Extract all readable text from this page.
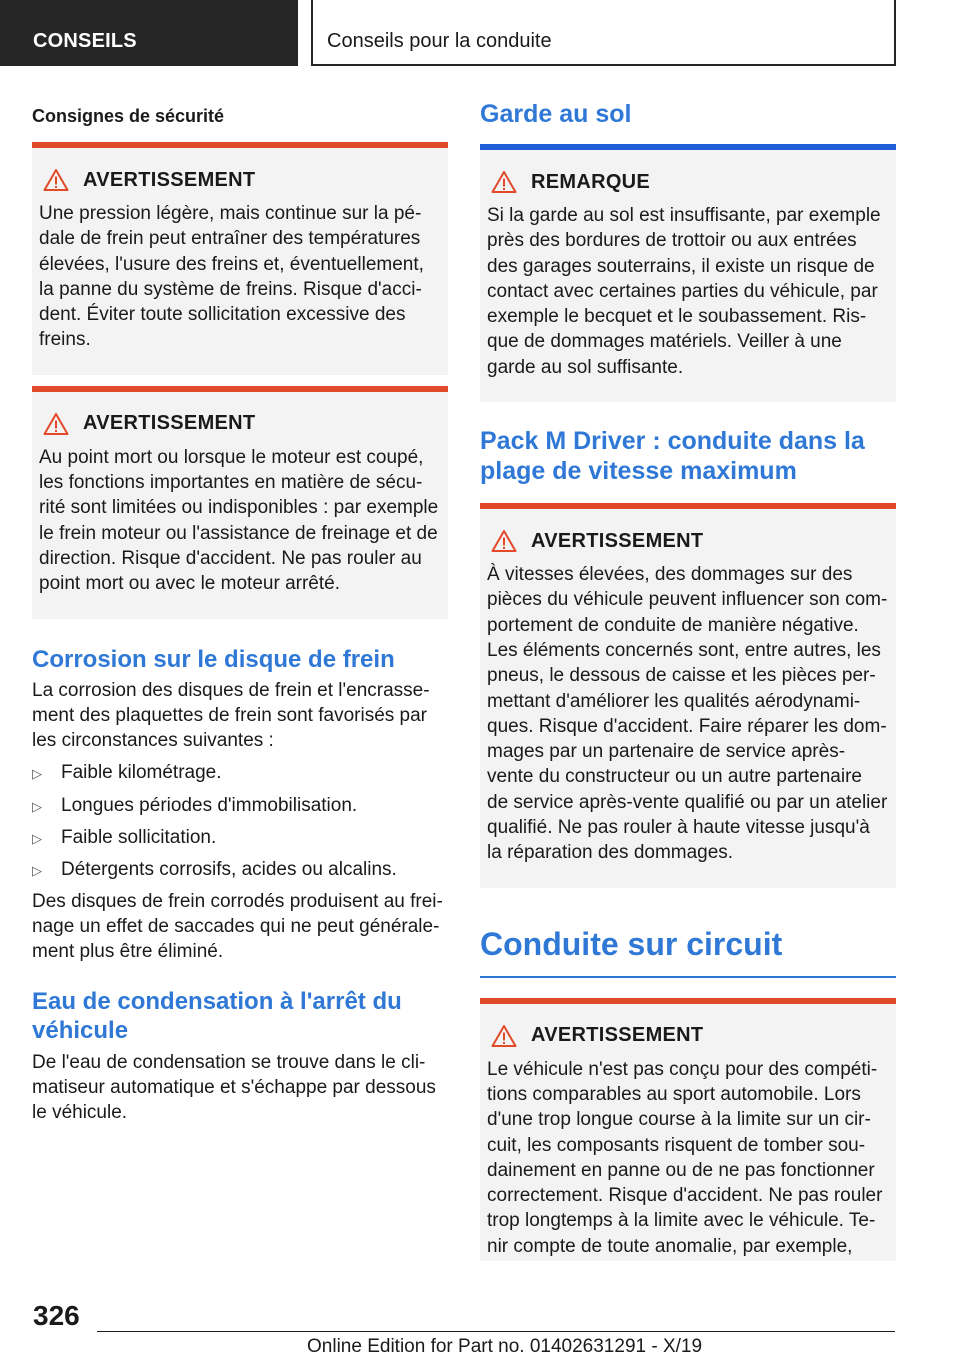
CONSEILS	Conseils pour la conduite
Consignes de sécurité
AVERTISSEMENT
Une pression légère, mais continue sur la pédale de frein peut entraîner des températures élevées, l'usure des freins et, éventuellement, la panne du système de freins. Risque d'accident. Éviter toute sollicitation excessive des freins.
AVERTISSEMENT
Au point mort ou lorsque le moteur est coupé, les fonctions importantes en matière de sécurité sont limitées ou indisponibles : par exemple le frein moteur ou l'assistance de freinage et de direction. Risque d'accident. Ne pas rouler au point mort ou avec le moteur arrêté.
Corrosion sur le disque de frein
La corrosion des disques de frein et l'encrassement des plaquettes de frein sont favorisés par les circonstances suivantes :
▷	Faible kilométrage.
▷	Longues périodes d'immobilisation.
▷	Faible sollicitation.
▷	Détergents corrosifs, acides ou alcalins.
Des disques de frein corrodés produisent au freinage un effet de saccades qui ne peut généralement plus être éliminé.
Eau de condensation à l'arrêt du véhicule
De l'eau de condensation se trouve dans le climatiseur automatique et s'échappe par dessous le véhicule.
Garde au sol
REMARQUE
Si la garde au sol est insuffisante, par exemple près des bordures de trottoir ou aux entrées des garages souterrains, il existe un risque de contact avec certaines parties du véhicule, par exemple le becquet et le soubassement. Risque de dommages matériels. Veiller à une garde au sol suffisante.
Pack M Driver : conduite dans la plage de vitesse maximum
AVERTISSEMENT
À vitesses élevées, des dommages sur des pièces du véhicule peuvent influencer son comportement de conduite de manière négative. Les éléments concernés sont, entre autres, les pneus, le dessous de caisse et les pièces permettant d'améliorer les qualités aérodynamiques. Risque d'accident. Faire réparer les dommages par un partenaire de service après-vente du constructeur ou un autre partenaire de service après-vente qualifié ou par un atelier qualifié. Ne pas rouler à haute vitesse jusqu'à la réparation des dommages.
Conduite sur circuit
AVERTISSEMENT
Le véhicule n'est pas conçu pour des compétitions comparables au sport automobile. Lors d'une trop longue course à la limite sur un circuit, les composants risquent de tomber soudainement en panne ou de ne pas fonctionner correctement. Risque d'accident. Ne pas rouler trop longtemps à la limite avec le véhicule. Tenir compte de toute anomalie, par exemple,
326
Online Edition for Part no. 01402631291 - X/19
